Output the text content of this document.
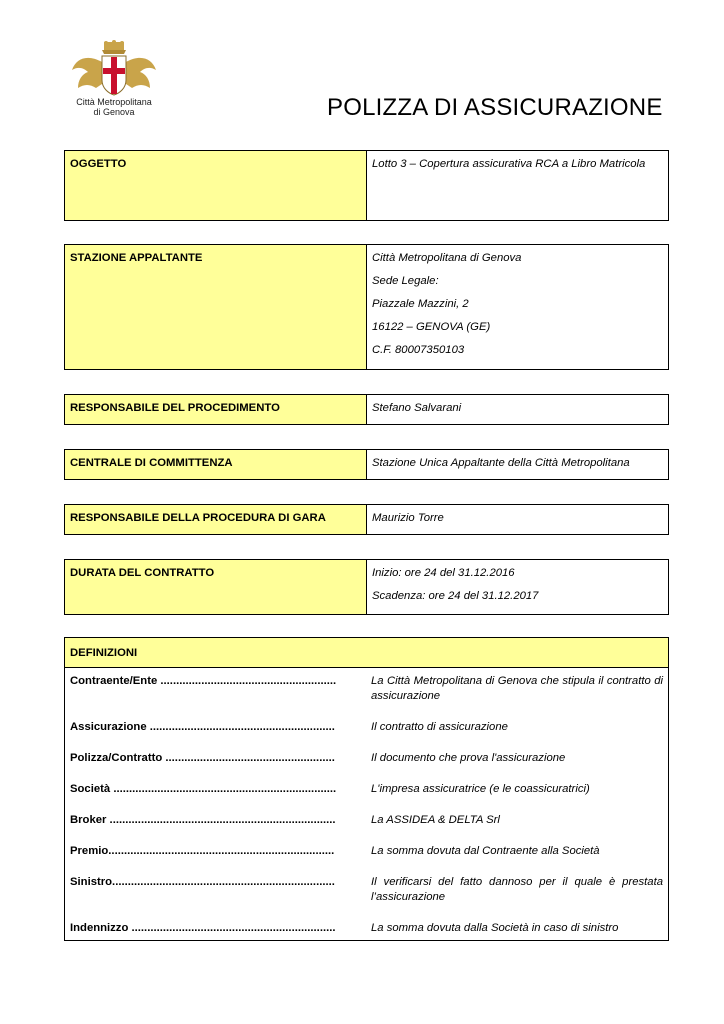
Città Metropolitana
di Genova	POLIZZA DI ASSICURAZIONE
OGGETTO	Lotto 3 – Copertura assicurativa RCA a Libro Matricola
STAZIONE APPALTANTE	Città Metropolitana di Genova

Sede Legale:

Piazzale Mazzini, 2

16122 – GENOVA (GE)

C.F. 80007350103

RESPONSABILE DEL PROCEDIMENTO	Stefano Salvarani
CENTRALE DI COMMITTENZA	Stazione Unica Appaltante della Città Metropolitana
RESPONSABILE DELLA PROCEDURA DI GARA	Maurizio Torre
DURATA DEL CONTRATTO	Inizio: ore 24 del 31.12.2016

Scadenza: ore 24 del 31.12.2017

DEFINIZIONI

Contraente/Ente ........................................................	La Città Metropolitana di Genova che stipula il contratto di assicurazione
Assicurazione ...........................................................	Il contratto di assicurazione
Polizza/Contratto ......................................................	Il documento che prova l'assicurazione
Società .......................................................................	L'impresa assicuratrice (e le coassicuratrici)
Broker ........................................................................	La ASSIDEA & DELTA Srl
Premio........................................................................	La somma dovuta dal Contraente alla Società
Sinistro.......................................................................	Il verificarsi del fatto dannoso per il quale è prestata l’assicurazione
Indennizzo .................................................................	La somma dovuta dalla Società in caso di sinistro
